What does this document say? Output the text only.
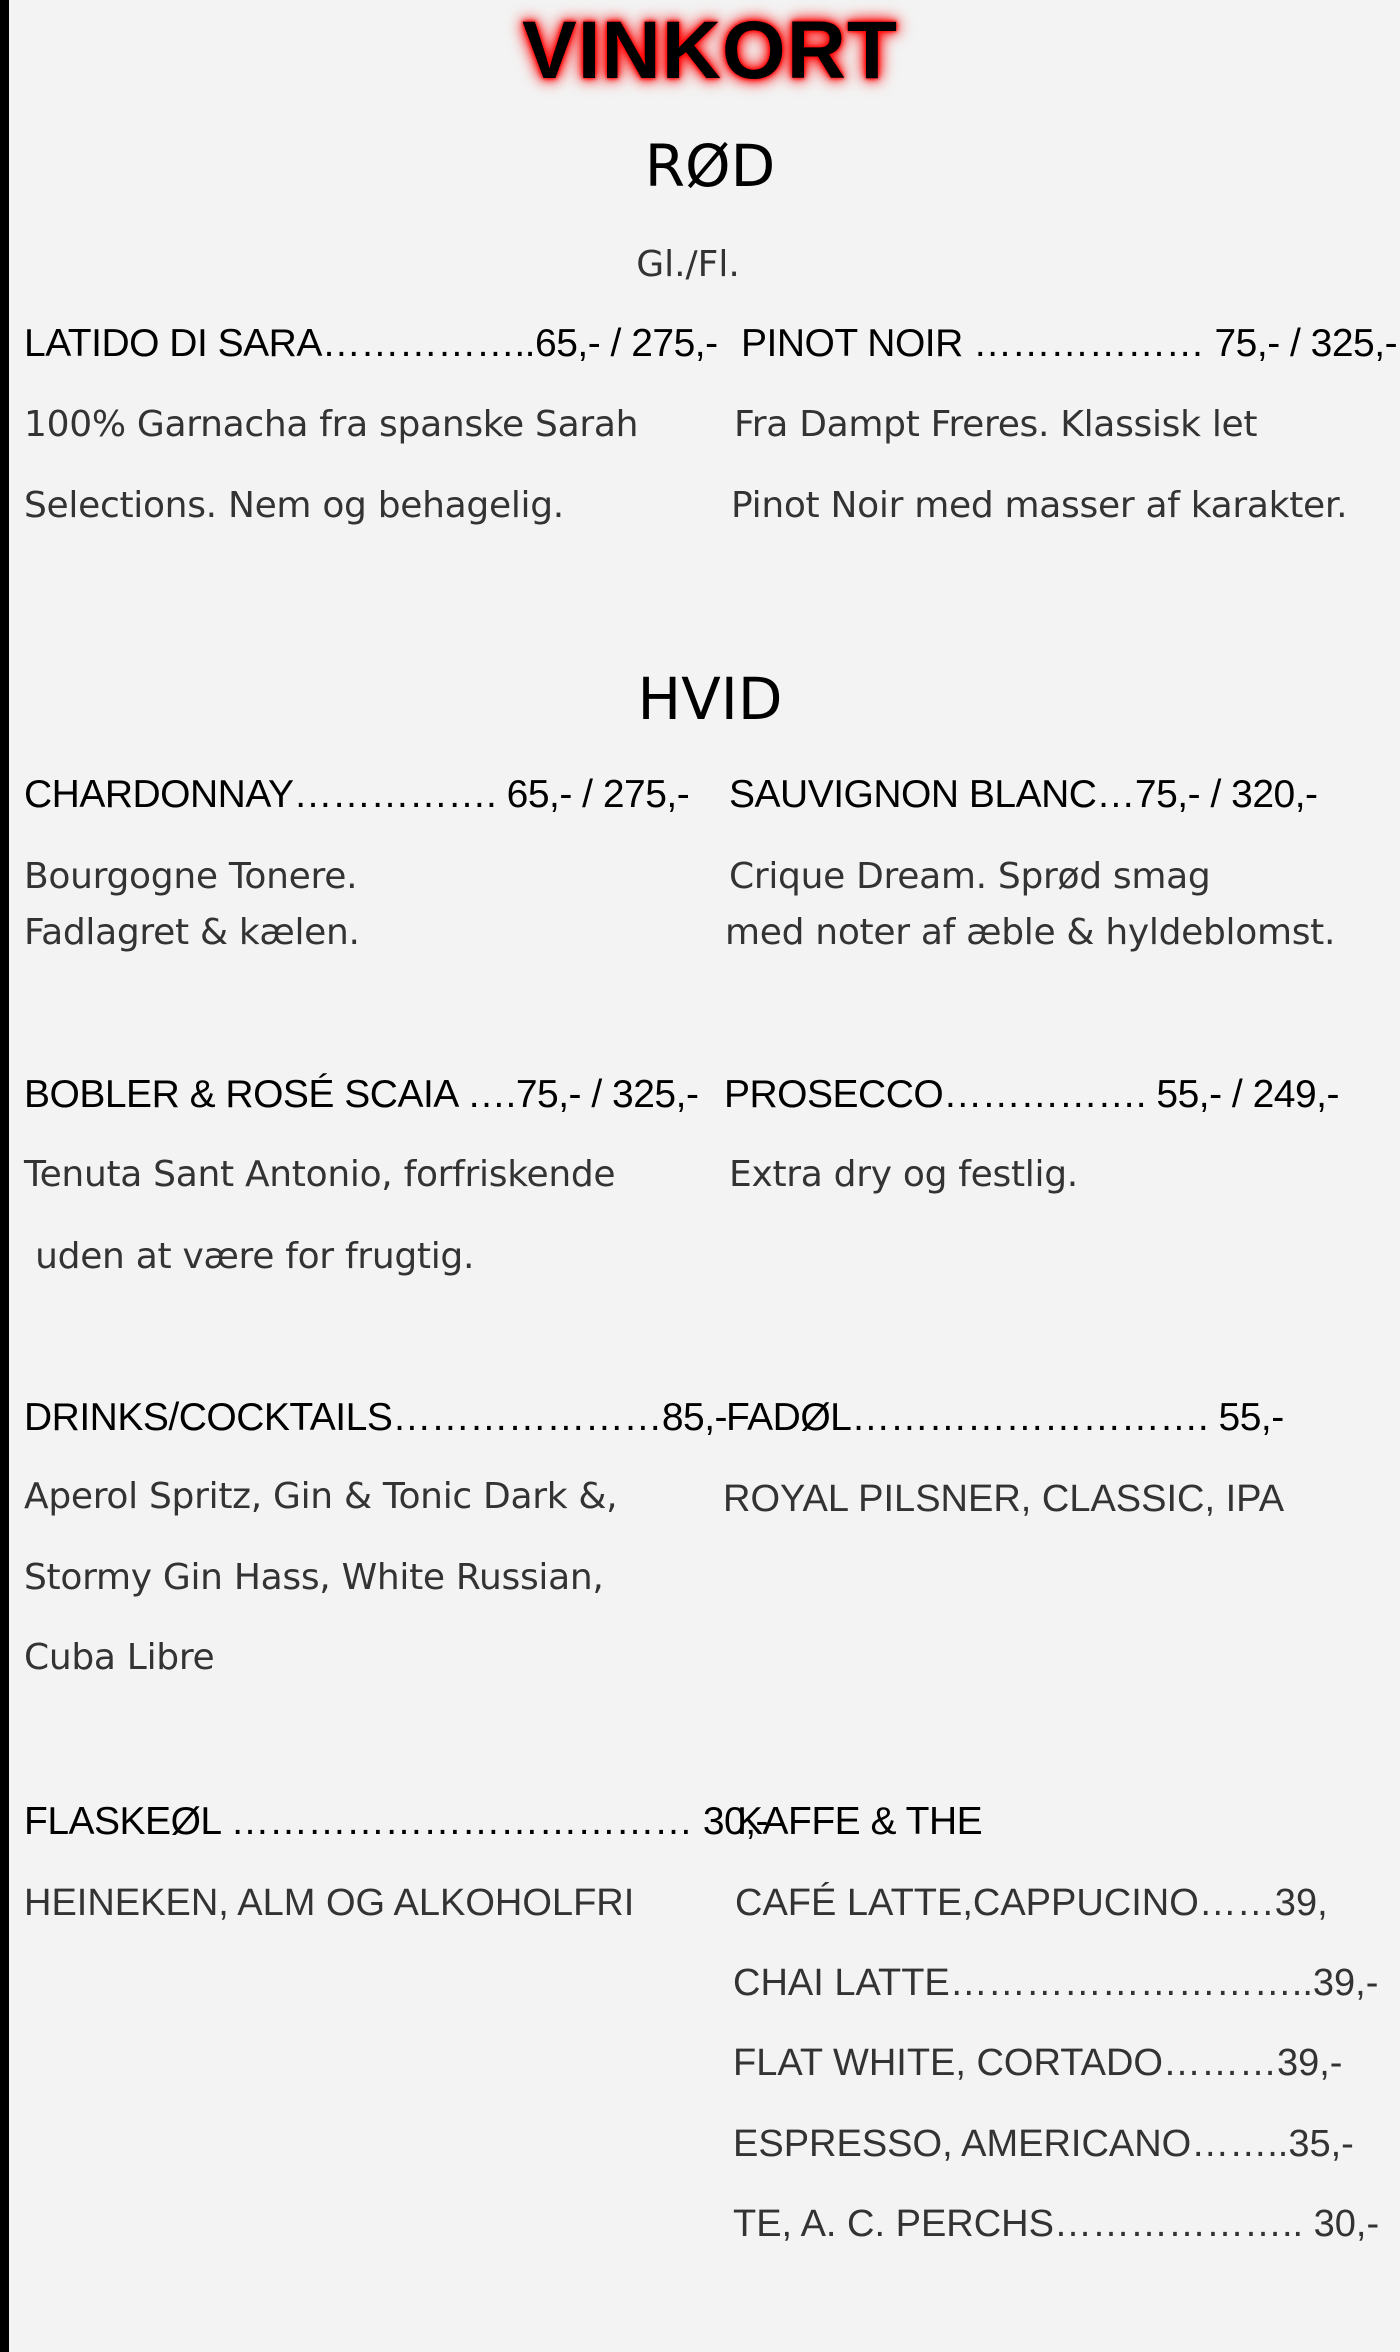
VINKORT
RØD
Gl./Fl.
LATIDO DI SARA……………..65,- / 275,-
100% Garnacha fra spanske Sarah
Selections. Nem og behagelig.
PINOT NOIR ……………… 75,- / 325,-
Fra Dampt Freres. Klassisk let
Pinot Noir med masser af karakter.
HVID
CHARDONNAY……………. 65,- / 275,-
Bourgogne Tonere.
Fadlagret & kælen.
SAUVIGNON BLANC…75,- / 320,-
Crique Dream. Sprød smag
med noter af æble & hyldeblomst.
BOBLER & ROSÉ SCAIA ….75,- / 325,-
Tenuta Sant Antonio, forfriskende
uden at være for frugtig.
PROSECCO……………. 55,- / 249,-
Extra dry og festlig.
DRINKS/COCKTAILS…………………85,-
Aperol Spritz, Gin & Tonic Dark &,
Stormy Gin Hass, White Russian,
Cuba Libre
FADØL………………………. 55,-
ROYAL PILSNER, CLASSIC, IPA
FLASKEØL ……………………………… 30,-
HEINEKEN, ALM OG ALKOHOLFRI
KAFFE & THE
CAFÉ LATTE,CAPPUCINO……39,
CHAI LATTE………………………..39,-
FLAT WHITE, CORTADO………39,-
ESPRESSO, AMERICANO……..35,-
TE, A. C. PERCHS……………….. 30,-
